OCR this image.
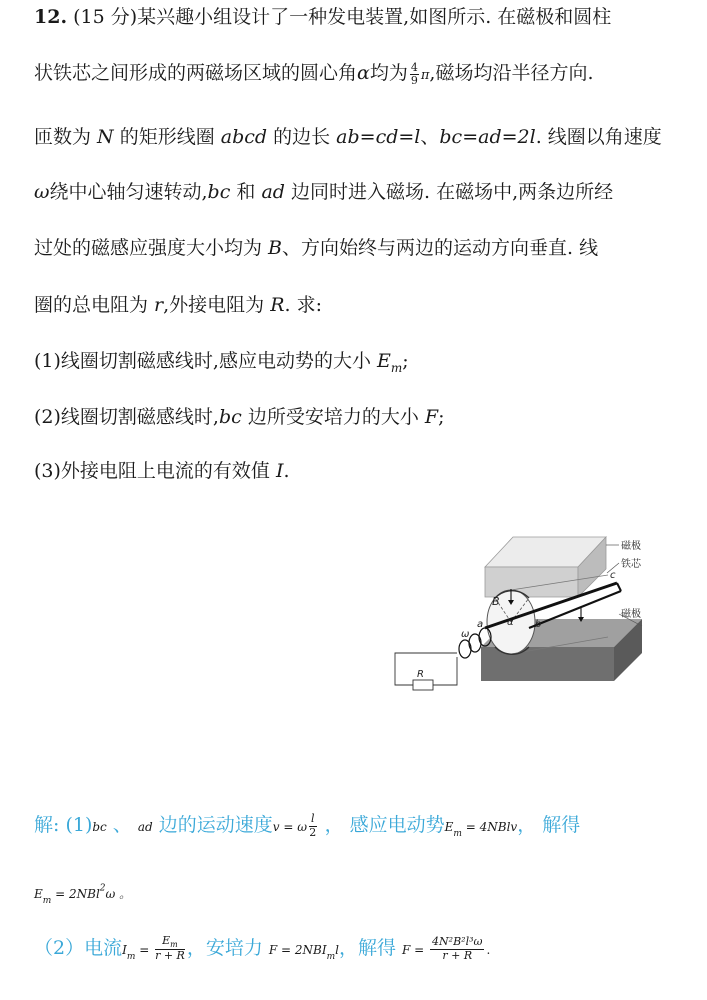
12. (15 分)某兴趣小组设计了一种发电装置,如图所示. 在磁极和圆柱
状铁芯之间形成的两磁场区域的圆心角α均为 $\frac{4}{9} \pi$,磁场均沿半径方向.
匝数为 N 的矩形线圈 abcd 的边长 ab=cd=l、bc=ad=2l. 线圈以角速度
ω绕中心轴匀速转动,bc 和 ad 边同时进入磁场. 在磁场中,两条边所经
过处的磁感应强度大小均为 B、方向始终与两边的运动方向垂直. 线
圈的总电阻为 r,外接电阻为 R. 求:
(1)线圈切割磁感线时,感应电动势的大小 $E_m$;
(2)线圈切割磁感线时,bc 边所受安培力的大小 F;
(3)外接电阻上电流的有效值 I.
磁极
铁芯
磁极
c
B
a α b
ω
R
解: (1)bc 、 ad 边的运动速度v = ω $\frac{l}{2}$ ， 感应电动势$E_m$ = 4NBlv， 解得
$E_m = 2NBl^2\omega$ 。
（2）电流$I_m = \frac{E_m}{r + R}$ ，安培力 $F = 2NBI_ml$，解得 $F = \frac{\text{4N²B²l³ω}}{r + R}$ .
